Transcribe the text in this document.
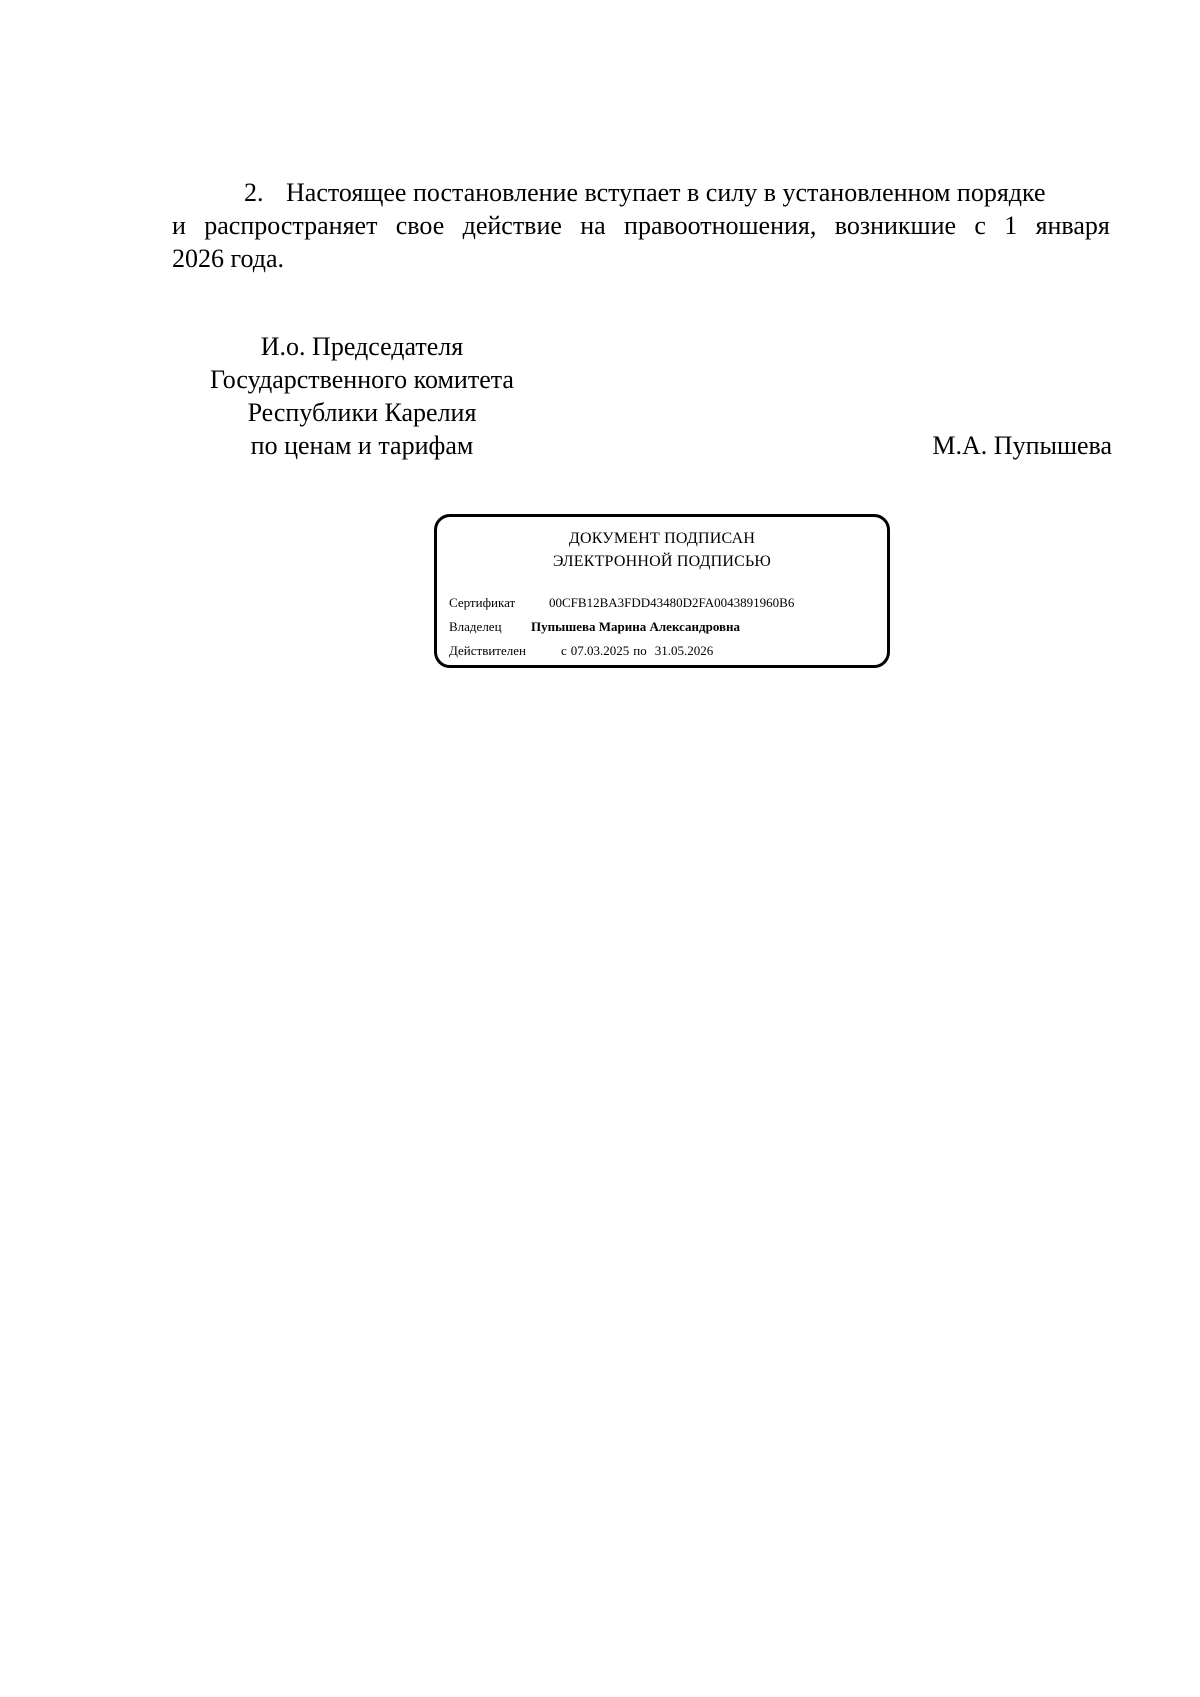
2. Настоящее постановление вступает в силу в установленном порядке
и распространяет свое действие на правоотношения, возникшие с 1 января
2026 года.
И.о. Председателя
Государственного комитета
Республики Карелия
по ценам и тарифам	М.А. Пупышева
ДОКУМЕНТ ПОДПИСАН
ЭЛЕКТРОННОЙ ПОДПИСЬЮ
Сертификат	00CFB12BA3FDD43480D2FA0043891960B6
Владелец Пупышева Марина Александровна
Действителен	с 07.03.2025 по 31.05.2026
